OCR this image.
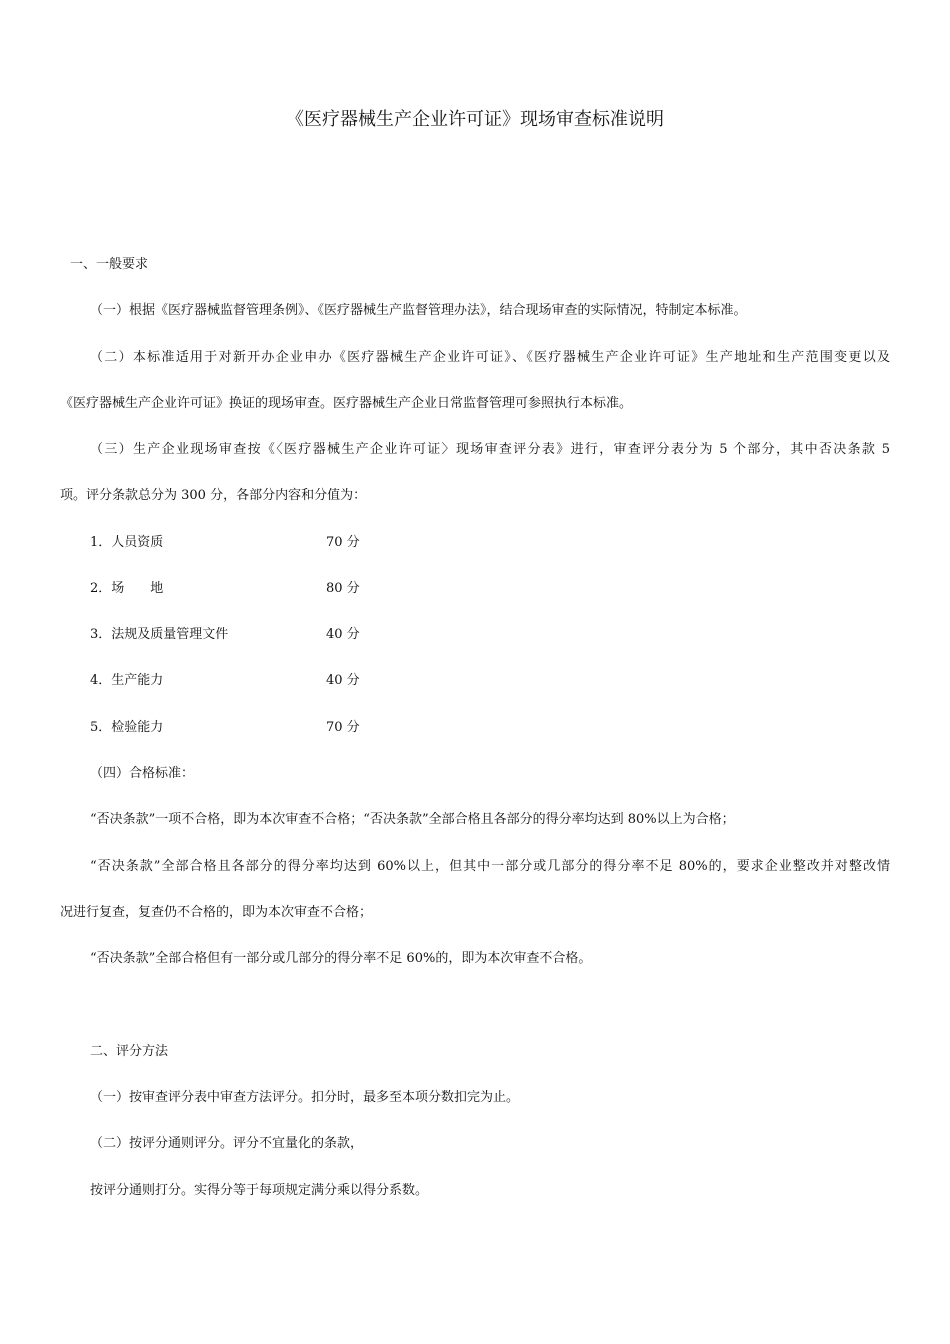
《医疗器械生产企业许可证》现场审查标准说明
一、一般要求
（一）根据《医疗器械监督管理条例》、《医疗器械生产监督管理办法》，结合现场审查的实际情况，特制定本标准。
（二）本标准适用于对新开办企业申办《医疗器械生产企业许可证》、《医疗器械生产企业许可证》生产地址和生产范围变更以及
《医疗器械生产企业许可证》换证的现场审查。医疗器械生产企业日常监督管理可参照执行本标准。
（三）生产企业现场审查按《〈医疗器械生产企业许可证〉现场审查评分表》进行，审查评分表分为 5 个部分，其中否决条款 5
项。评分条款总分为 300 分，各部分内容和分值为：
1．人员资质	70 分
2．场　　地	80 分
3．法规及质量管理文件	40 分
4．生产能力	40 分
5．检验能力	70 分
（四）合格标准：
“否决条款”一项不合格，即为本次审查不合格；“否决条款”全部合格且各部分的得分率均达到 80%以上为合格；
“否决条款”全部合格且各部分的得分率均达到 60%以上，但其中一部分或几部分的得分率不足 80%的，要求企业整改并对整改情
况进行复查，复查仍不合格的，即为本次审查不合格；
“否决条款”全部合格但有一部分或几部分的得分率不足 60%的，即为本次审查不合格。
二、评分方法
（一）按审查评分表中审查方法评分。扣分时，最多至本项分数扣完为止。
（二）按评分通则评分。评分不宜量化的条款，
按评分通则打分。实得分等于每项规定满分乘以得分系数。
